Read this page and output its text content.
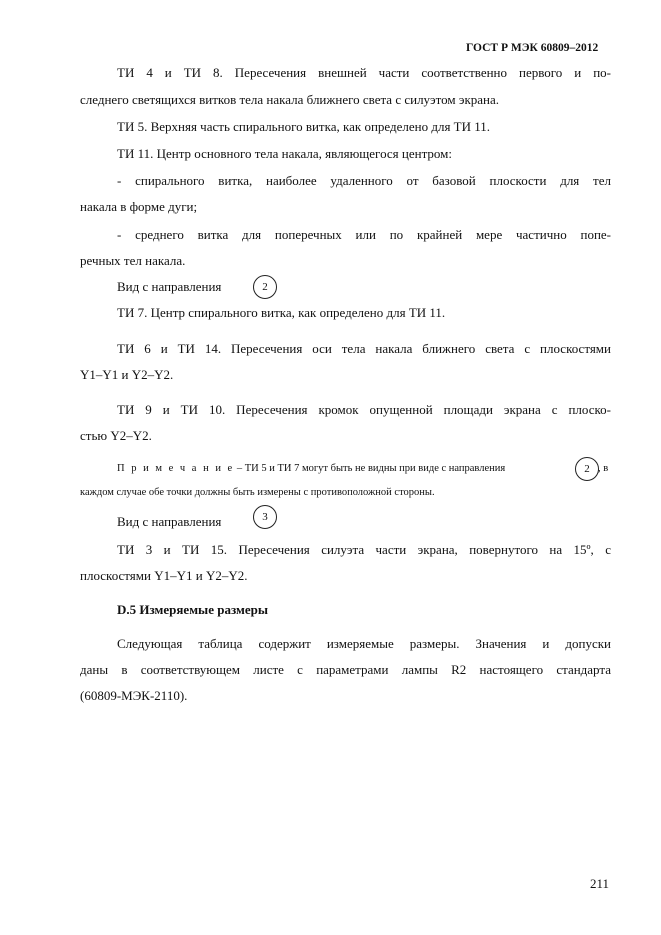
ГОСТ Р МЭК 60809–2012
ТИ 4 и ТИ 8. Пересечения внешней части соответственно первого и по-
следнего светящихся витков тела накала ближнего света с силуэтом экрана.
ТИ 5. Верхняя часть спирального витка, как определено для ТИ 11.
ТИ 11. Центр основного тела накала, являющегося центром:
- спирального витка, наиболее удаленного от базовой плоскости для тел
накала в форме дуги;
- среднего витка для поперечных или по крайней мере частично попе-
речных тел накала.
Вид с направления	2
ТИ 7. Центр спирального витка, как определено для ТИ 11.
ТИ 6 и ТИ 14. Пересечения оси тела накала ближнего света с плоскостями
Y1–Y1 и Y2–Y2.
ТИ 9 и ТИ 10. Пересечения кромок опущенной площади экрана с плоско-
стью Y2–Y2.
П р и м е ч а н и е – ТИ 5 и ТИ 7 могут быть не видны при виде с направления	2 , в
каждом случае обе точки должны быть измерены с противоположной стороны.
Вид с направления	3
ТИ 3 и ТИ 15. Пересечения силуэта части экрана, повернутого на 15º, с
плоскостями Y1–Y1 и Y2–Y2.
D.5 Измеряемые размеры
Следующая таблица содержит измеряемые размеры. Значения и допуски
даны в соответствующем листе с параметрами лампы R2 настоящего стандарта
(60809-МЭК-2110).
211
